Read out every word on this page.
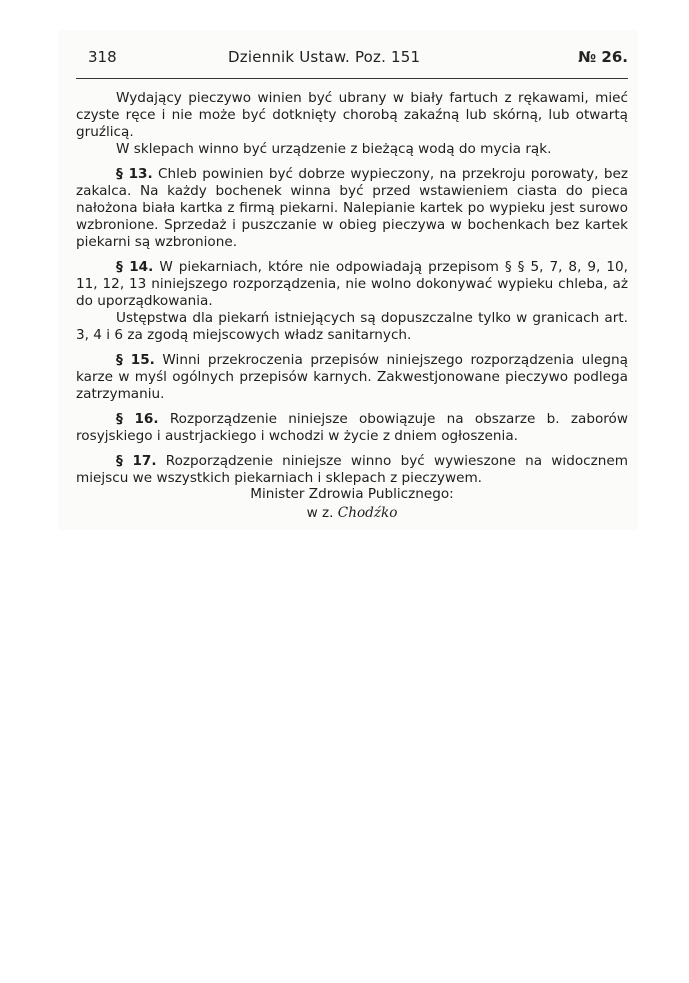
318	Dziennik Ustaw. Poz. 151	№ 26.

Wydający pieczywo winien być ubrany w biały fartuch z rękawami, mieć czyste ręce i nie może być dotknięty chorobą zakaźną lub skórną, lub otwartą gruźlicą.

W sklepach winno być urządzenie z bieżącą wodą do mycia rąk.

§ 13. Chleb powinien być dobrze wypieczony, na przekroju porowaty, bez zakalca. Na każdy bochenek winna być przed wstawieniem ciasta do pieca nałożona biała kartka z firmą piekarni. Nalepianie kartek po wypieku jest surowo wzbronione. Sprzedaż i puszczanie w obieg pieczywa w bochenkach bez kartek piekarni są wzbronione.

§ 14. W piekarniach, które nie odpowiadają przepisom § § 5, 7, 8, 9, 10, 11, 12, 13 niniejszego rozporządzenia, nie wolno dokonywać wypieku chleba, aż do uporządkowania.

Ustępstwa dla piekarń istniejących są dopuszczalne tylko w granicach art. 3, 4 i 6 za zgodą miejscowych władz sanitarnych.

§ 15. Winni przekroczenia przepisów niniejszego rozporządzenia ulegną karze w myśl ogólnych przepisów karnych. Zakwestjonowane pieczywo podlega zatrzymaniu.

§ 16. Rozporządzenie niniejsze obowiązuje na obszarze b. zaborów rosyjskiego i austrjackiego i wchodzi w życie z dniem ogłoszenia.

§ 17. Rozporządzenie niniejsze winno być wywieszone na widocznem miejscu we wszystkich piekarniach i sklepach z pieczywem.

Minister Zdrowia Publicznego:
w z. Chodźko
